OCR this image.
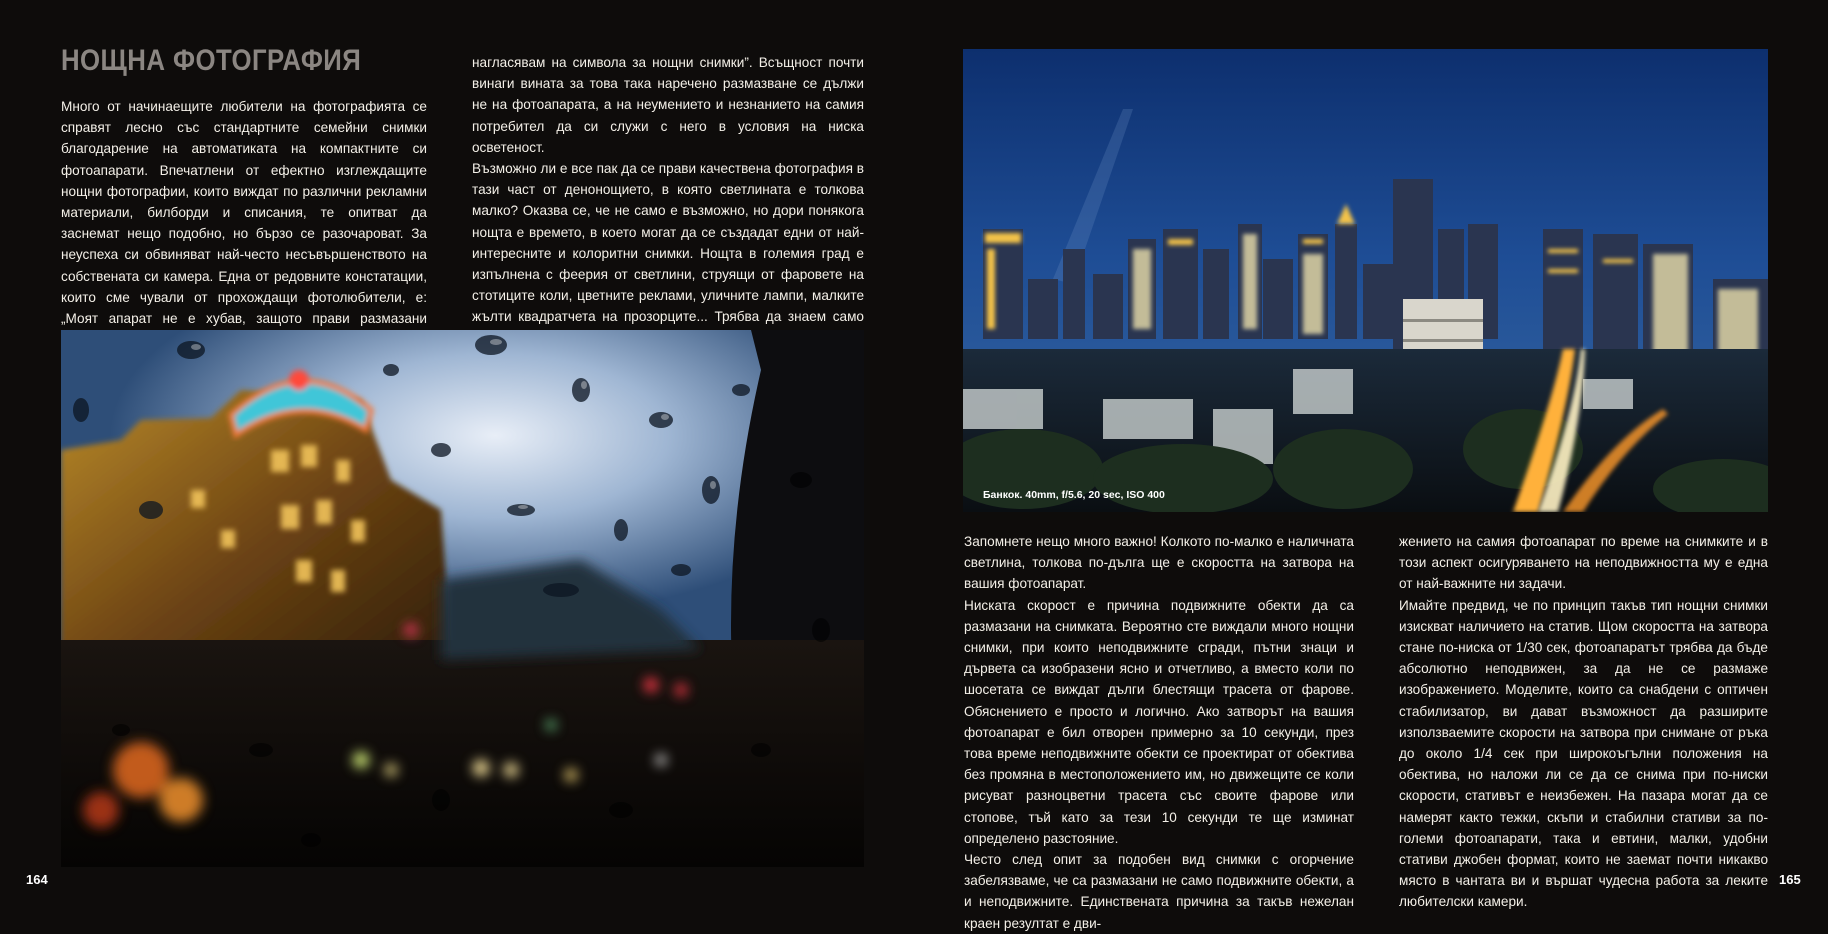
НОЩНА ФОТОГРАФИЯ

Много от начинаещите любители на фотографията се справят лесно със стандартните семейни снимки благодарение на автоматиката на компактните си фотоапарати. Впечатлени от ефектно изглеждащите нощни фотографии, които виждат по различни рекламни материали, билборди и списания, те опитват да заснемат нещо подобно, но бързо се разочароват. За неуспеха си обвиняват най-често несъвършенството на собствената си камера. Една от редовните констатации, които сме чували от прохождащи фотолюбители, е: „Моят апарат не е хубав, защото прави размазани

нагласявам на символа за нощни снимки”. Всъщност почти винаги вината за това така наречено размазване се дължи не на фотоапарата, а на неумението и незнанието на самия потребител да си служи с него в условия на ниска осветеност.

Възможно ли е все пак да се прави качествена фотография в тази част от денонощието, в която светлината е толкова малко? Оказва се, че не само е възможно, но дори понякога нощта е времето, в което могат да се създадат едни от най-интересните и колоритни снимки. Нощта в големия град е изпълнена с феерия от светлини, струящи от фаровете на стотиците коли, цветните реклами, уличните лампи, малките жълти квадратчета на прозорците... Трябва да знаем само

164
Банкок. 40mm, f/5.6, 20 sec, ISO 400

Запомнете нещо много важно! Колкото по-малко е наличната светлина, толкова по-дълга ще е скоростта на затвора на вашия фотоапарат.

Ниската скорост е причина подвижните обекти да са размазани на снимката. Вероятно сте виждали много нощни снимки, при които неподвижните сгради, пътни знаци и дървета са изобразени ясно и отчетливо, а вместо коли по шосетата се виждат дълги блестящи трасета от фарове. Обяснението е просто и логично. Ако затворът на вашия фотоапарат е бил отворен примерно за 10 секунди, през това време неподвижните обекти се проектират от обектива без промяна в местоположението им, но движещите се коли рисуват разноцветни трасета със своите фарове или стопове, тъй като за тези 10 секунди те ще изминат определено разстояние.

Често след опит за подобен вид снимки с огорчение забелязваме, че са размазани не само подвижните обекти, а и неподвижните. Единствената причина за такъв нежелан краен резултат е дви-

жението на самия фотоапарат по време на снимките и в този аспект осигуряването на неподвижността му е една от най-важните ни задачи.

Имайте предвид, че по принцип такъв тип нощни снимки изискват наличието на статив. Щом скоростта на затвора стане по-ниска от 1/30 сек, фотоапаратът трябва да бъде абсолютно неподвижен, за да не се размаже изображението. Моделите, които са снабдени с оптичен стабилизатор, ви дават възможност да разширите използваемите скорости на затвора при снимане от ръка до около 1/4 сек при широкоъгълни положения на обектива, но наложи ли се да се снима при по-ниски скорости, стативът е неизбежен. На пазара могат да се намерят както тежки, скъпи и стабилни стативи за по-големи фотоапарати, така и евтини, малки, удобни стативи джобен формат, които не заемат почти никакво място в чантата ви и вършат чудесна работа за леките любителски камери.

165
